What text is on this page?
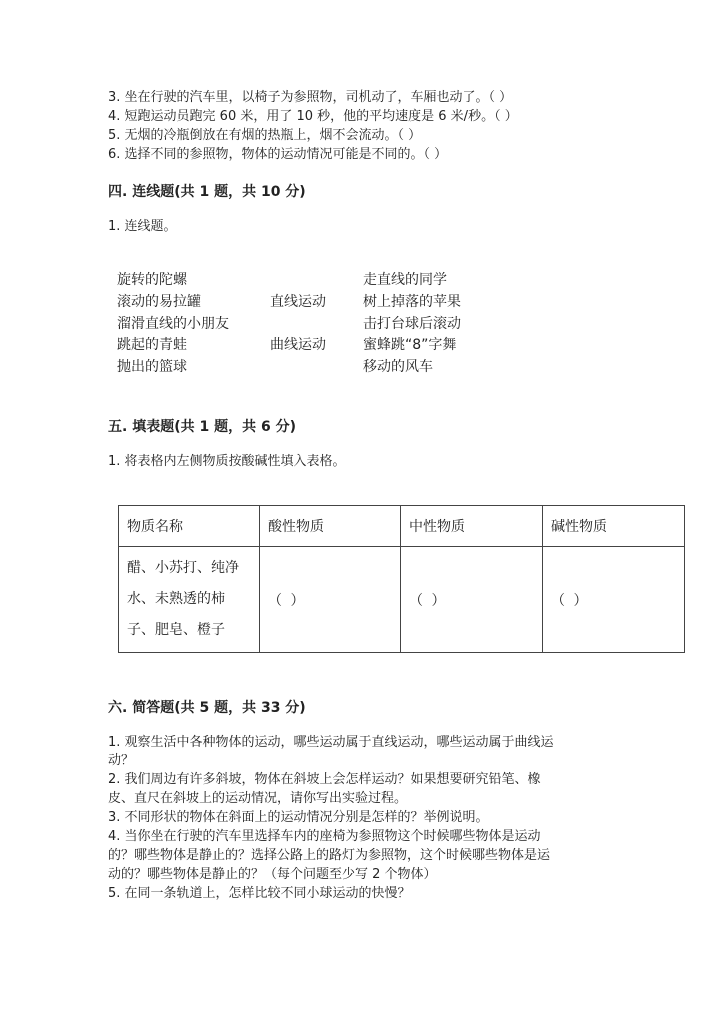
3. 坐在行驶的汽车里，以椅子为参照物，司机动了，车厢也动了。（ ）
4. 短跑运动员跑完 60 米，用了 10 秒，他的平均速度是 6 米/秒。（ ）
5. 无烟的冷瓶倒放在有烟的热瓶上，烟不会流动。（ ）
6. 选择不同的参照物，物体的运动情况可能是不同的。（ ）
四. 连线题(共 1 题，共 10 分)
1. 连线题。
旋转的陀螺
滚动的易拉罐
溜滑直线的小朋友
跳起的青蛙
抛出的篮球
直线运动
曲线运动
走直线的同学
树上掉落的苹果
击打台球后滚动
蜜蜂跳“8”字舞
移动的风车
五. 填表题(共 1 题，共 6 分)
1. 将表格内左侧物质按酸碱性填入表格。
物质名称	酸性物质	中性物质	碱性物质

醋、小苏打、纯净
水、未熟透的柿
子、肥皂、橙子	（ ）	（ ）	（ ）
六. 简答题(共 5 题，共 33 分)
1. 观察生活中各种物体的运动，哪些运动属于直线运动，哪些运动属于曲线运
动？
2. 我们周边有许多斜坡，物体在斜坡上会怎样运动？如果想要研究铅笔、橡
皮、直尺在斜坡上的运动情况，请你写出实验过程。
3. 不同形状的物体在斜面上的运动情况分别是怎样的？举例说明。
4. 当你坐在行驶的汽车里选择车内的座椅为参照物这个时候哪些物体是运动
的？哪些物体是静止的？选择公路上的路灯为参照物，这个时候哪些物体是运
动的？哪些物体是静止的？（每个问题至少写 2 个物体）
5. 在同一条轨道上，怎样比较不同小球运动的快慢？
